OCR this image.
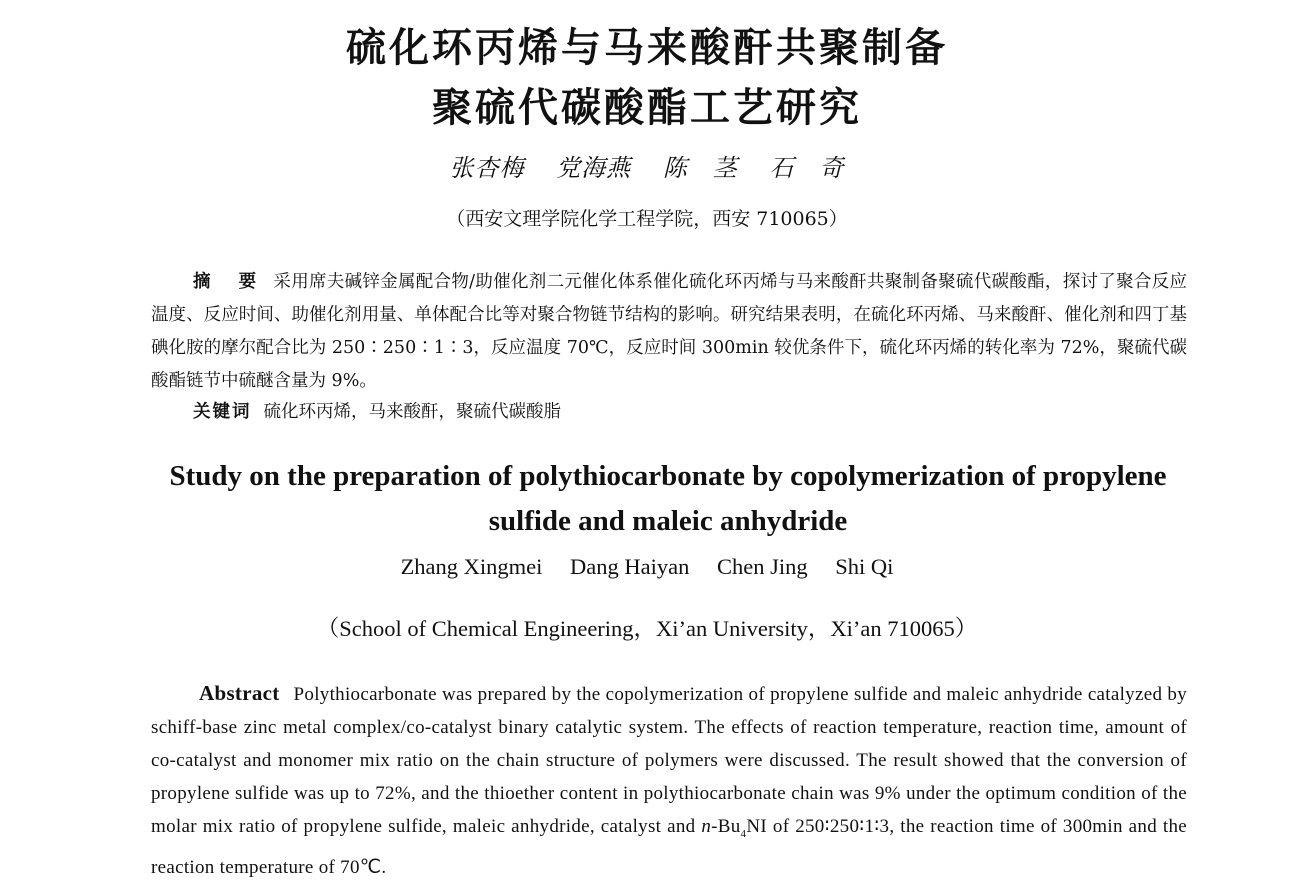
硫化环丙烯与马来酸酐共聚制备
聚硫代碳酸酯工艺研究
张杏梅 党海燕 陈　茎 石　奇
（西安文理学院化学工程学院，西安 710065）

摘　要 采用席夫碱锌金属配合物/助催化剂二元催化体系催化硫化环丙烯与马来酸酐共聚制备聚硫代碳酸酯，探讨了聚合反应温度、反应时间、助催化剂用量、单体配合比等对聚合物链节结构的影响。研究结果表明，在硫化环丙烯、马来酸酐、催化剂和四丁基碘化胺的摩尔配合比为 250∶250∶1∶3，反应温度 70℃，反应时间 300min 较优条件下，硫化环丙烯的转化率为 72%，聚硫代碳酸酯链节中硫醚含量为 9%。

关键词 硫化环丙烯，马来酸酐，聚硫代碳酸脂

Study on the preparation of polythiocarbonate by copolymerization of propylene sulfide and maleic anhydride

Zhang Xingmei Dang Haiyan Chen Jing Shi Qi
（School of Chemical Engineering，Xi’an University，Xi’an 710065）

Abstract Polythiocarbonate was prepared by the copolymerization of propylene sulfide and maleic anhydride catalyzed by schiff-base zinc metal complex/co-catalyst binary catalytic system. The effects of reaction temperature, reaction time, amount of co-catalyst and monomer mix ratio on the chain structure of polymers were discussed. The result showed that the conversion of propylene sulfide was up to 72%, and the thioether content in polythiocarbonate chain was 9% under the optimum condition of the molar mix ratio of propylene sulfide, maleic anhydride, catalyst and $n-Bu_4NI$ of 250∶250∶1∶3, the reaction time of 300min and the reaction temperature of 70℃.
